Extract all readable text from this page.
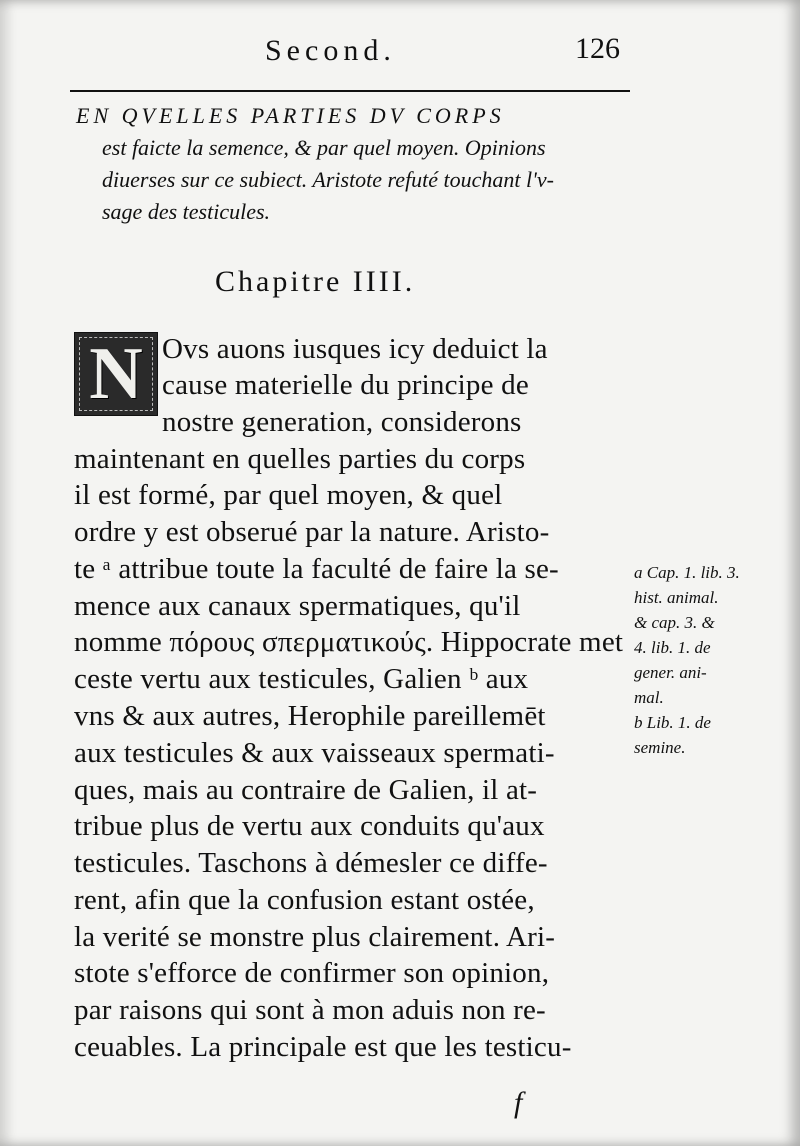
Second.	126
EN QVELLES PARTIES DV CORPS
est faicte la semence, & par quel moyen. Opinions
diuerses sur ce subiect. Aristote refuté touchant l'v-
sage des testicules.
Chapitre IIII.
N Ovs auons iusques icy deduict la
cause materielle du principe de
nostre generation, considerons
maintenant en quelles parties du corps
il est formé, par quel moyen, & quel
ordre y est obserué par la nature. Aristo-
te ᵃ attribue toute la faculté de faire la se-
mence aux canaux spermatiques, qu'il
nomme πόρους σπερματικούς. Hippocrate met
ceste vertu aux testicules, Galien ᵇ aux
vns & aux autres, Herophile pareillemēt
aux testicules & aux vaisseaux spermati-
ques, mais au contraire de Galien, il at-
tribue plus de vertu aux conduits qu'aux
testicules. Taschons à démesler ce diffe-
rent, afin que la confusion estant ostée,
la verité se monstre plus clairement. Ari-
stote s'efforce de confirmer son opinion,
par raisons qui sont à mon aduis non re-
ceuables. La principale est que les testicu-
a Cap. 1. lib. 3.
hist. animal.
& cap. 3. &
4. lib. 1. de
gener. ani-
mal.
b Lib. 1. de
semine.
f
